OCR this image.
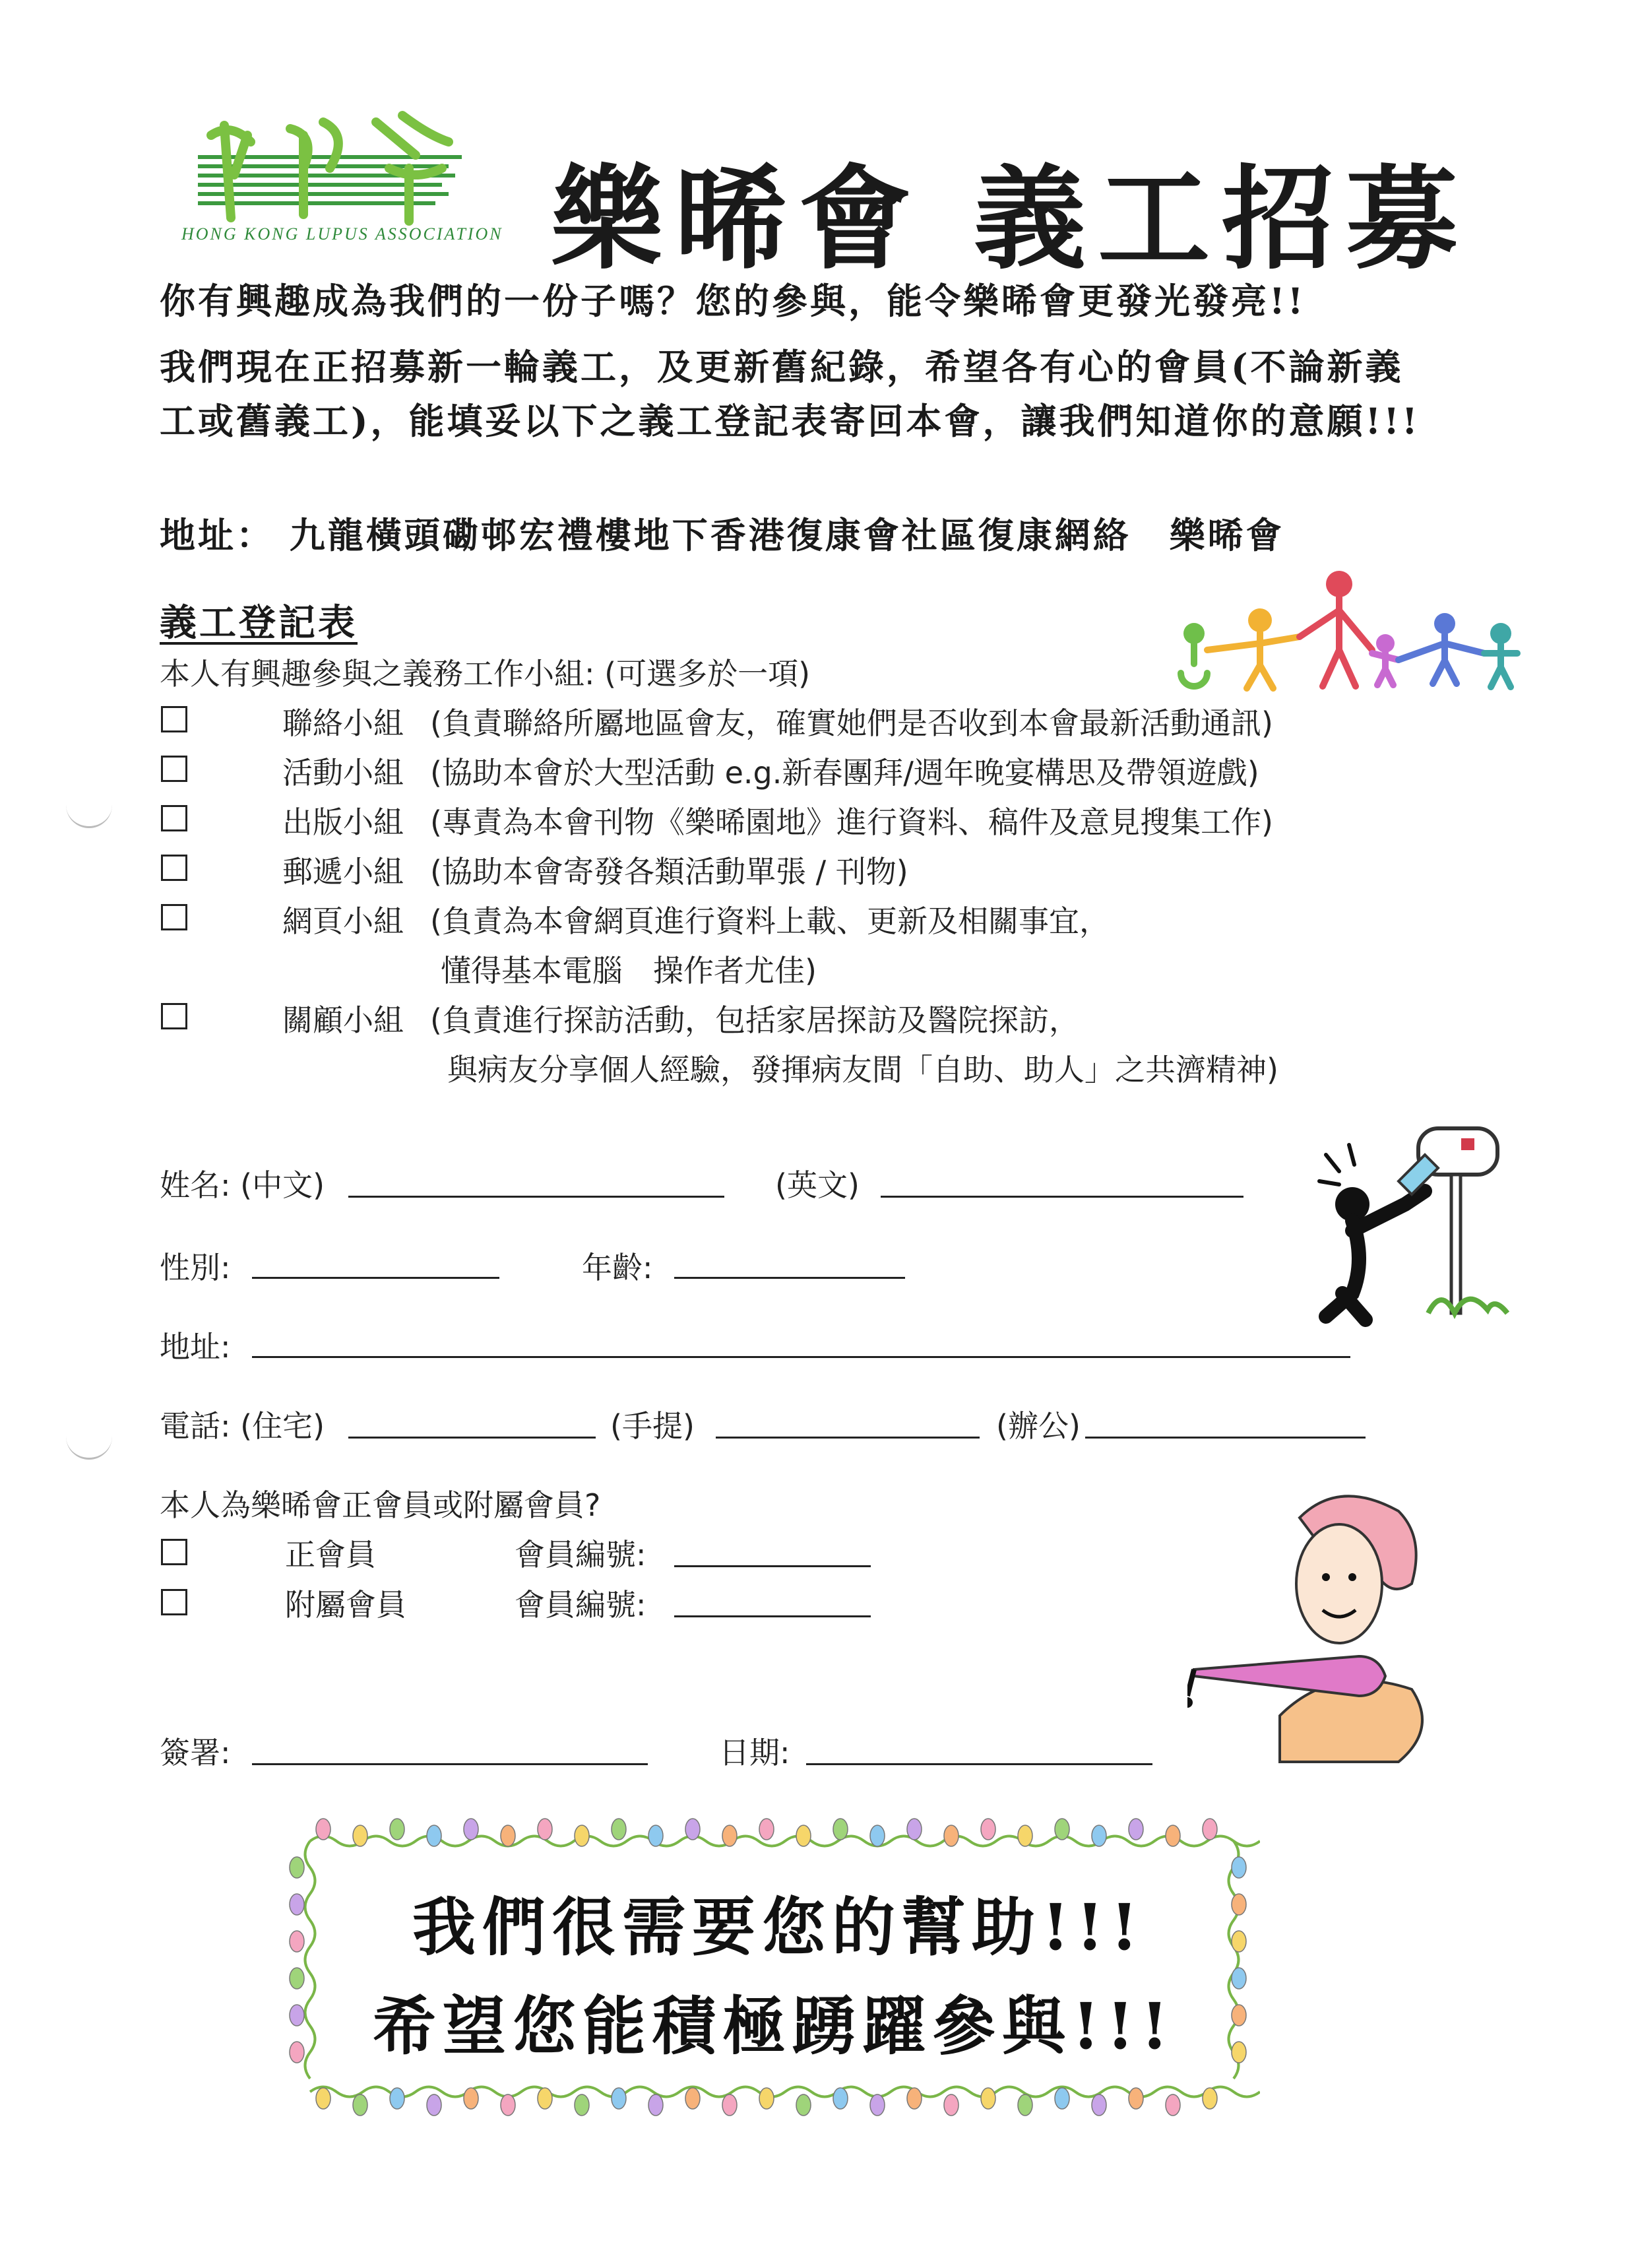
HONG KONG LUPUS ASSOCIATION 樂晞會 義工招募
你有興趣成為我們的一份子嗎？您的參與，能令樂晞會更發光發亮!!
我們現在正招募新一輪義工，及更新舊紀錄，希望各有心的會員(不論新義工或舊義工)，能填妥以下之義工登記表寄回本會，讓我們知道你的意願!!!
地址： 九龍橫頭磡邨宏禮樓地下香港復康會社區復康網絡　樂晞會
義工登記表
本人有興趣參與之義務工作小組: (可選多於一項)
聯絡小組 (負責聯絡所屬地區會友，確實她們是否收到本會最新活動通訊)
活動小組 (協助本會於大型活動 e.g.新春團拜/週年晚宴構思及帶領遊戲)
出版小組 (專責為本會刊物《樂晞園地》進行資料、稿件及意見搜集工作)
郵遞小組 (協助本會寄發各類活動單張 / 刊物)
網頁小組 (負責為本會網頁進行資料上載、更新及相關事宜，
懂得基本電腦　操作者尤佳)
關顧小組 (負責進行探訪活動，包括家居探訪及醫院探訪，
與病友分享個人經驗，發揮病友間「自助、助人」之共濟精神)
姓名: (中文)	(英文)
性別:	年齡:
地址:
電話: (住宅)	(手提)	(辦公)
本人為樂晞會正會員或附屬會員?
正會員	會員編號:
附屬會員	會員編號:
簽署:	日期:
我們很需要您的幫助!!!
希望您能積極踴躍參與!!!
